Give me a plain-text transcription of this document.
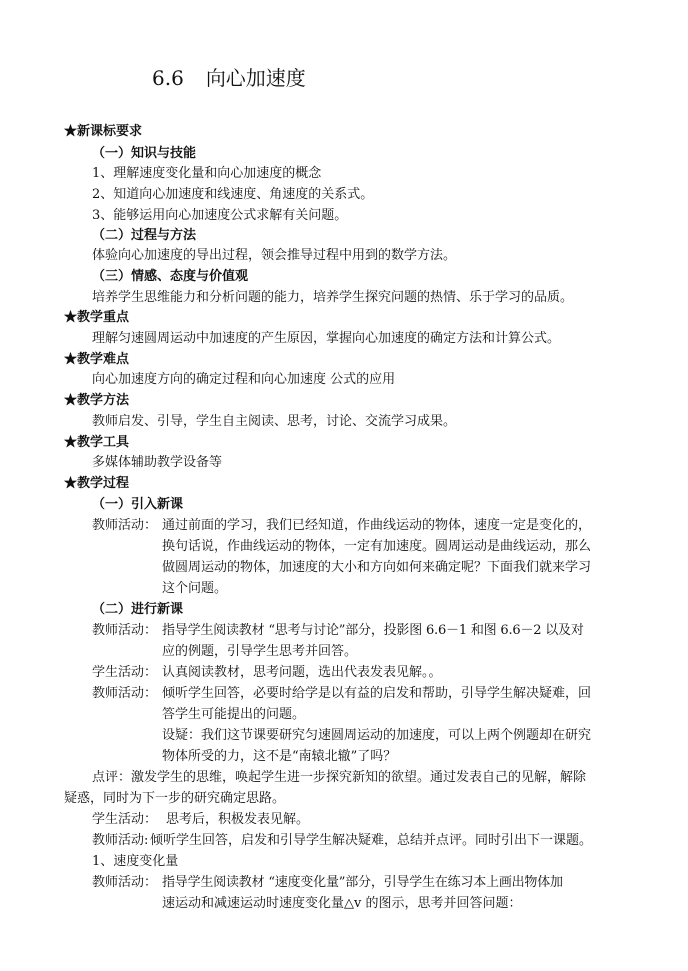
6.6 向心加速度
★新课标要求
（一）知识与技能
1、理解速度变化量和向心加速度的概念
2、知道向心加速度和线速度、角速度的关系式。
3、能够运用向心加速度公式求解有关问题。
（二）过程与方法
体验向心加速度的导出过程，领会推导过程中用到的数学方法。
（三）情感、态度与价值观
培养学生思维能力和分析问题的能力，培养学生探究问题的热情、乐于学习的品质。
★教学重点
理解匀速圆周运动中加速度的产生原因，掌握向心加速度的确定方法和计算公式。
★教学难点
向心加速度方向的确定过程和向心加速度 公式的应用
★教学方法
教师启发、引导，学生自主阅读、思考，讨论、交流学习成果。
★教学工具
多媒体辅助教学设备等
★教学过程
（一）引入新课
教师活动： 通过前面的学习，我们已经知道，作曲线运动的物体，速度一定是变化的，
换句话说，作曲线运动的物体，一定有加速度。圆周运动是曲线运动，那么
做圆周运动的物体，加速度的大小和方向如何来确定呢？下面我们就来学习
这个问题。
（二）进行新课
教师活动： 指导学生阅读教材 “思考与讨论”部分，投影图 6.6－1 和图 6.6－2 以及对
应的例题，引导学生思考并回答。
学生活动： 认真阅读教材，思考问题，选出代表发表见解。。
教师活动： 倾听学生回答，必要时给学是以有益的启发和帮助，引导学生解决疑难，回
答学生可能提出的问题。
设疑：我们这节课要研究匀速圆周运动的加速度，可以上两个例题却在研究
物体所受的力，这不是“南辕北辙”了吗？
点评：激发学生的思维，唤起学生进一步探究新知的欲望。通过发表自己的见解，解除
疑惑，同时为下一步的研究确定思路。
学生活动： 思考后，积极发表见解。
教师活动: 倾听学生回答，启发和引导学生解决疑难，总结并点评。同时引出下一课题。
1、速度变化量
教师活动： 指导学生阅读教材 “速度变化量”部分，引导学生在练习本上画出物体加
速运动和减速运动时速度变化量△v 的图示，思考并回答问题：
